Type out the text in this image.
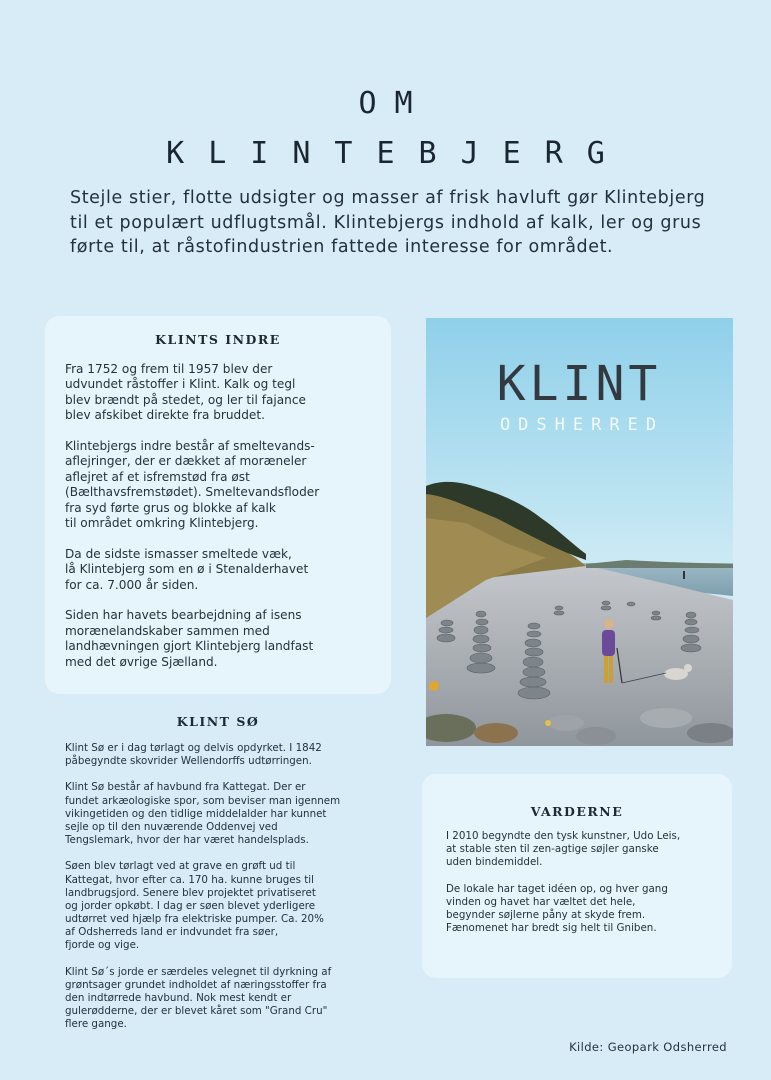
OM
KLINTEBJERG

Stejle stier, flotte udsigter og masser af frisk havluft gør Klintebjerg til et populært udflugtsmål. Klintebjergs indhold af kalk, ler og grus førte til, at råstofindustrien fattede interesse for området.

KLINTS INDRE

Fra 1752 og frem til 1957 blev der
udvundet råstoffer i Klint. Kalk og tegl
blev brændt på stedet, og ler til fajance
blev afskibet direkte fra bruddet.

Klintebjergs indre består af smeltevands-
aflejringer, der er dækket af moræneler
aflejret af et isfremstød fra øst
(Bælthavsfremstødet). Smeltevandsfloder
fra syd førte grus og blokke af kalk
til området omkring Klintebjerg.

Da de sidste ismasser smeltede væk,
lå Klintebjerg som en ø i Stenalderhavet
for ca. 7.000 år siden.

Siden har havets bearbejdning af isens
morænelandskaber sammen med
landhævningen gjort Klintebjerg landfast
med det øvrige Sjælland.

KLINT
ODSHERRED
KLINT SØ

Klint Sø er i dag tørlagt og delvis opdyrket. I 1842
påbegyndte skovrider Wellendorffs udtørringen.

Klint Sø består af havbund fra Kattegat. Der er
fundet arkæologiske spor, som beviser man igennem
vikingetiden og den tidlige middelalder har kunnet
sejle op til den nuværende Oddenvej ved
Tengslemark, hvor der har været handelsplads.

Søen blev tørlagt ved at grave en grøft ud til
Kattegat, hvor efter ca. 170 ha. kunne bruges til
landbrugsjord. Senere blev projektet privatiseret
og jorder opkøbt. I dag er søen blevet yderligere
udtørret ved hjælp fra elektriske pumper. Ca. 20%
af Odsherreds land er indvundet fra søer,
fjorde og vige.

Klint Sø´s jorde er særdeles velegnet til dyrkning af
grøntsager grundet indholdet af næringsstoffer fra
den indtørrede havbund. Nok mest kendt er
gulerødderne, der er blevet kåret som "Grand Cru"
flere gange.

VARDERNE

I 2010 begyndte den tysk kunstner, Udo Leis,
at stable sten til zen-agtige søjler ganske
uden bindemiddel.

De lokale har taget idéen op, og hver gang
vinden og havet har væltet det hele,
begynder søjlerne påny at skyde frem.
Fænomenet har bredt sig helt til Gniben.

Kilde: Geopark Odsherred
